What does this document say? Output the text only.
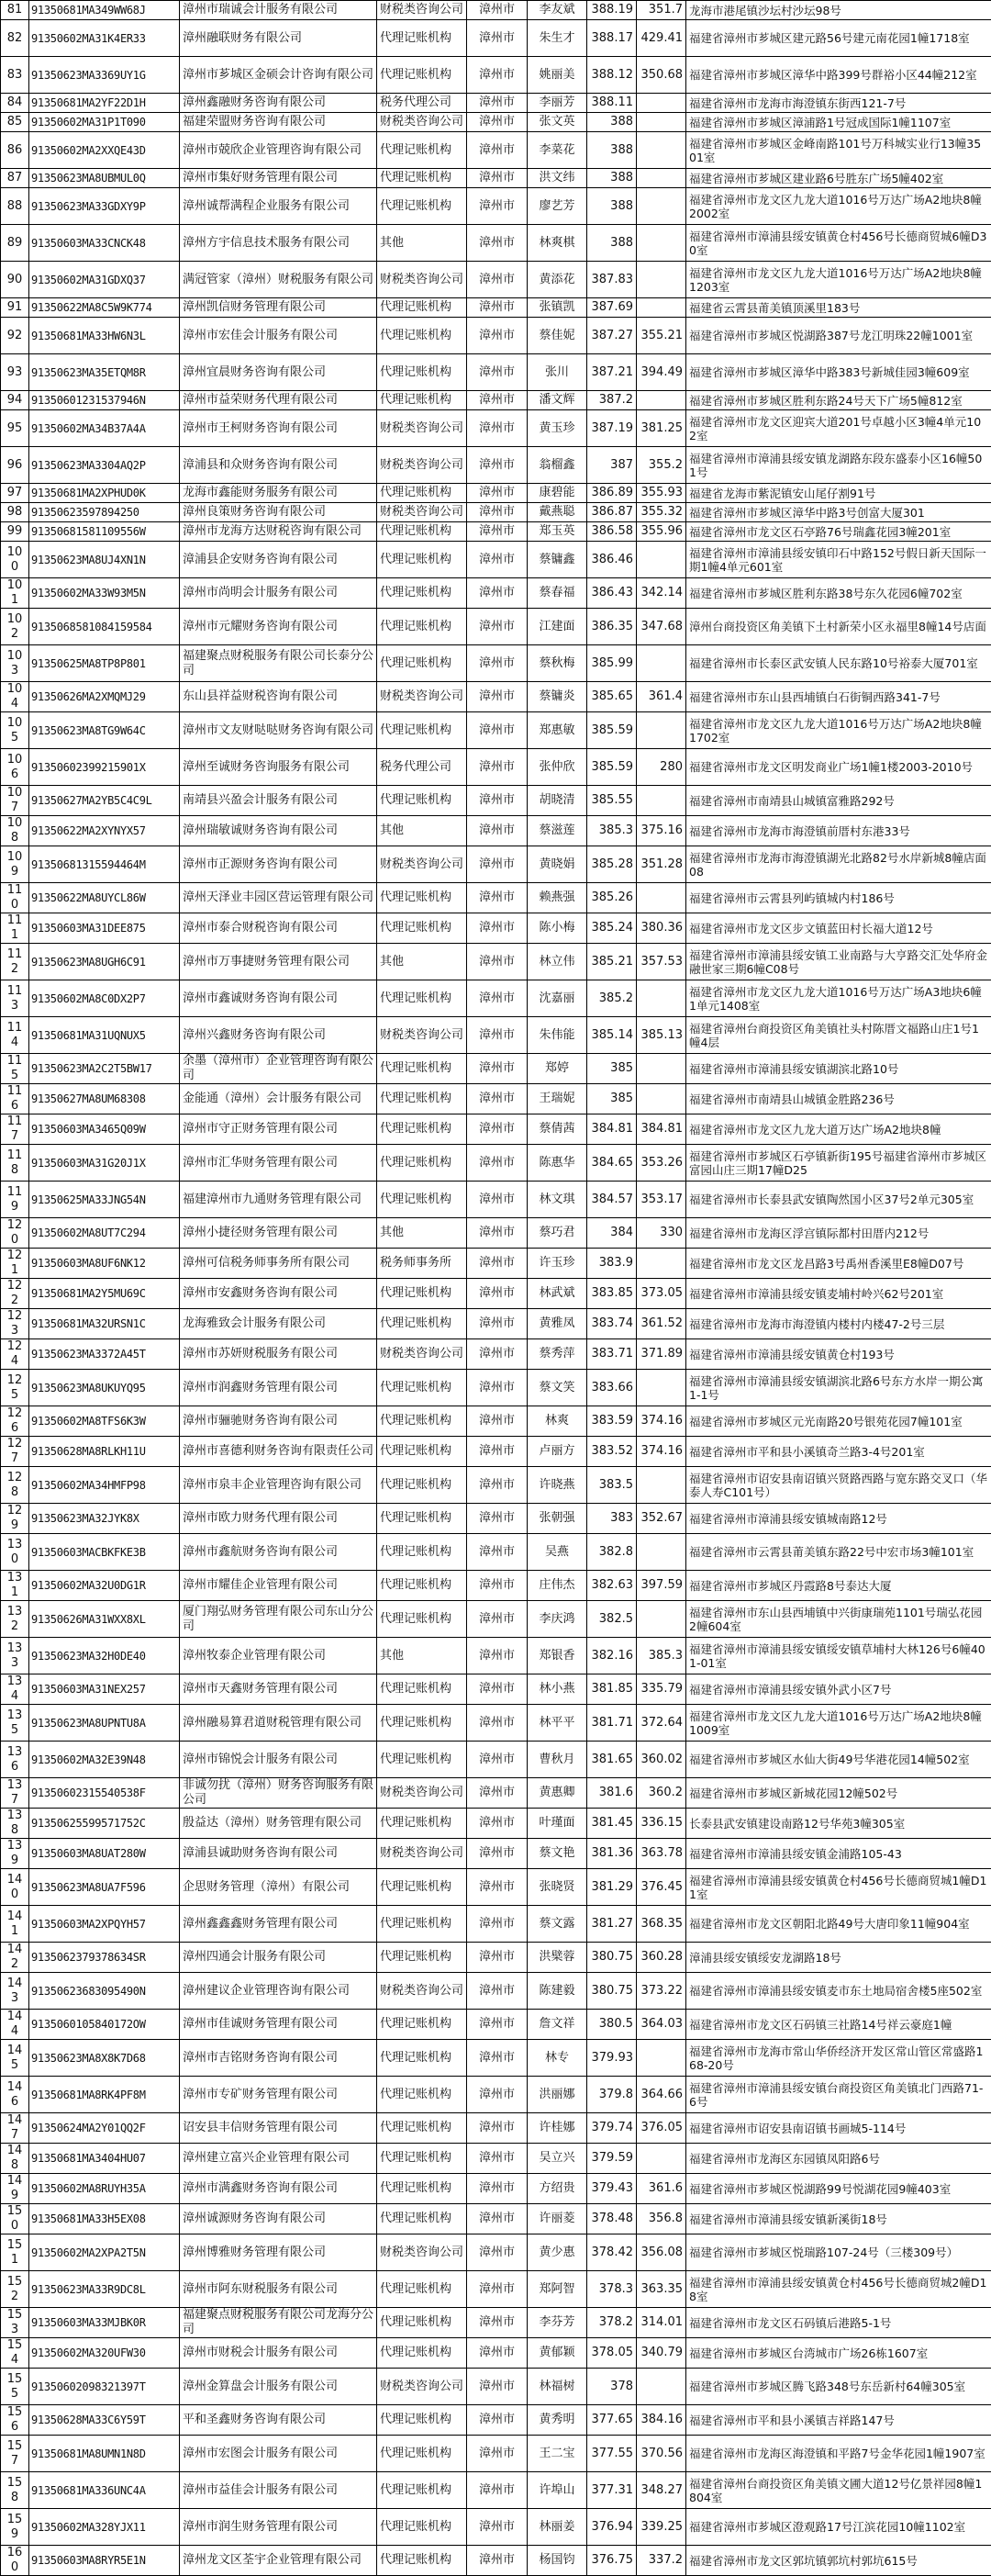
81	91350681MA349WW68J	漳州市瑞诚会计服务有限公司	财税类咨询公司	漳州市	李友斌	388.19	351.7	龙海市港尾镇沙坛村沙坛98号
82	91350602MA31K4ER33	漳州融联财务有限公司	代理记账机构	漳州市	朱生才	388.17	429.41	福建省漳州市芗城区建元路56号建元南花园1幢1718室
83	91350623MA3369UY1G	漳州市芗城区金硕会计咨询有限公司	代理记账机构	漳州市	姚丽美	388.12	350.68	福建省漳州市芗城区漳华中路399号群裕小区44幢212室
84	91350681MA2YF22D1H	漳州鑫融财务咨询有限公司	税务代理公司	漳州市	李丽芳	388.11		福建省漳州市龙海市海澄镇东街西121-7号
85	91350602MA31P1T090	福建荣盟财务咨询有限公司	财税类咨询公司	漳州市	张文英	388		福建省漳州市芗城区漳浦路1号冠成国际1幢1107室
86	91350602MA2XXQE43D	漳州市兢欣企业管理咨询有限公司	代理记账机构	漳州市	李菜花	388		福建省漳州市芗城区金峰南路101号万科城实业行13幢3501室
87	91350623MA8UBMUL0Q	漳州市集好财务管理有限公司	代理记账机构	漳州市	洪文纬	388		福建省漳州市芗城区建业路6号胜东广场5幢402室
88	91350623MA33GDXY9P	漳州诚帮满程企业服务有限公司	代理记账机构	漳州市	廖艺芳	388		福建省漳州市龙文区九龙大道1016号万达广场A2地块8幢2002室
89	91350603MA33CNCK48	漳州方宇信息技术服务有限公司	其他	漳州市	林爽棋	388		福建省漳州市漳浦县绥安镇黄仓村456号长德商贸城6幢D30室
90	91350602MA31GDXQ37	满冠管家（漳州）财税服务有限公司	财税类咨询公司	漳州市	黄添花	387.83		福建省漳州市龙文区九龙大道1016号万达广场A2地块8幢1203室
91	91350622MA8C5W9K774	漳州凯信财务管理有限公司	代理记账机构	漳州市	张镇凯	387.69		福建省云霄县莆美镇顶溪里183号
92	91350681MA33HW6N3L	漳州市宏佳会计服务有限公司	代理记账机构	漳州市	蔡佳妮	387.27	355.21	福建省漳州市芗城区悦湖路387号龙江明珠22幢1001室
93	91350623MA35ETQM8R	漳州宜晨财务咨询有限公司	代理记账机构	漳州市	张川	387.21	394.49	福建省漳州市芗城区漳华中路383号新城佳园3幢609室
94	91350601231537946N	漳州市益荣财务代理有限公司	代理记账机构	漳州市	潘文辉	387.2		福建省漳州市芗城区胜利东路24号天下广场5幢812室
95	91350602MA34B37A4A	漳州市王柯财务咨询有限公司	财税类咨询公司	漳州市	黄玉珍	387.19	381.25	福建省漳州市龙文区迎宾大道201号卓越小区3幢4单元102室
96	91350623MA3304AQ2P	漳浦县和众财务咨询有限公司	财税类咨询公司	漳州市	翁榴鑫	387	355.2	福建省漳州市漳浦县绥安镇龙湖路东段东盛泰小区16幢501号
97	91350681MA2XPHUD0K	龙海市鑫能财务服务有限公司	代理记账机构	漳州市	康碧能	386.89	355.93	福建省龙海市紫泥镇安山尾仔割91号
98	91350623597894250	漳州良策财务咨询有限公司	财税类咨询公司	漳州市	戴燕聪	386.87	355.32	福建省漳州市芗城区漳华中路3号创富大厦301
99	91350681581109556W	漳州市龙海方达财税咨询有限公司	代理记账机构	漳州市	郑玉英	386.58	355.96	福建省漳州市龙文区石亭路76号瑞鑫花园3幢201室
100	91350623MA8UJ4XN1N	漳浦县企安财务咨询有限公司	代理记账机构	漳州市	蔡镛鑫	386.46		福建省漳州市漳浦县绥安镇印石中路152号假日新天国际一期1幢4单元601室
101	91350602MA33W93M5N	漳州市尚明会计服务有限公司	代理记账机构	漳州市	蔡春福	386.43	342.14	福建省漳州市芗城区胜利东路38号东久花园6幢702室
102	9135068581084159584	漳州市元耀财务咨询有限公司	代理记账机构	漳州市	江建面	386.35	347.68	漳州台商投资区角美镇下土村新荣小区永福里8幢14号店面
103	91350625MA8TP8P801	福建聚点财税服务有限公司长泰分公司	代理记账机构	漳州市	蔡秋梅	385.99		福建省漳州市长泰区武安镇人民东路10号裕泰大厦701室
104	91350626MA2XMQMJ29	东山县祥益财税咨询有限公司	财税类咨询公司	漳州市	蔡镛炎	385.65	361.4	福建省漳州市东山县西埔镇白石街铜西路341-7号
105	91350623MA8TG9W64C	漳州市文友财哒哒财务咨询有限公司	代理记账机构	漳州市	郑惠敏	385.59		福建省漳州市龙文区九龙大道1016号万达广场A2地块8幢1702室
106	91350602399215901X	漳州至诚财务咨询服务有限公司	税务代理公司	漳州市	张仲欣	385.59	280	福建省漳州市龙文区明发商业广场1幢1楼2003-2010号
107	91350627MA2YB5C4C9L	南靖县兴盈会计服务有限公司	代理记账机构	漳州市	胡晓清	385.55		福建省漳州市南靖县山城镇富雅路292号
108	91350622MA2XYNYX57	漳州瑞敏诚财务咨询有限公司	其他	漳州市	蔡滋莲	385.3	375.16	福建省漳州市龙海市海澄镇前厝村东港33号
109	91350681315594464M	漳州市正源财务咨询有限公司	财税类咨询公司	漳州市	黄晓娟	385.28	351.28	福建省漳州市龙海市海澄镇湖光北路82号水岸新城8幢店面08
110	91350622MA8UYCL86W	漳州天泽业丰园区营运管理有限公司	代理记账机构	漳州市	赖燕强	385.26		福建省漳州市云霄县列屿镇城内村186号
111	91350603MA31DEE875	漳州市泰合财税咨询有限公司	代理记账机构	漳州市	陈小梅	385.24	380.36	福建省漳州市龙文区步文镇蓝田村长福大道12号
112	91350623MA8UGH6C91	漳州市万事捷财务管理有限公司	其他	漳州市	林立伟	385.21	357.53	福建省漳州市漳浦县绥安镇工业南路与大亨路交汇处华府金融世家三期6幢C08号
113	91350602MA8C0DX2P7	漳州市鑫诚财务咨询有限公司	代理记账机构	漳州市	沈嘉丽	385.2		福建省漳州市龙文区九龙大道1016号万达广场A3地块6幢1单元1408室
114	91350681MA31UQNUX5	漳州兴鑫财务咨询有限公司	财税类咨询公司	漳州市	朱伟能	385.14	385.13	福建省漳州台商投资区角美镇社头村陈厝文福路山庄1号1幢4层
115	91350623MA2C2T5BW17	余墨（漳州市）企业管理咨询有限公司	代理记账机构	漳州市	郑婷	385		福建省漳州市漳浦县绥安镇湖滨北路10号
116	91350627MA8UM68308	金能通（漳州）会计服务有限公司	代理记账机构	漳州市	王瑞妮	385		福建省漳州市南靖县山城镇金胜路236号
117	91350603MA3465Q09W	漳州市守正财务管理有限公司	代理记账机构	漳州市	蔡倩茜	384.81	384.81	福建省漳州市龙文区九龙大道万达广场A2地块8幢
118	91350603MA31G20J1X	漳州市汇华财务管理有限公司	代理记账机构	漳州市	陈惠华	384.65	353.26	福建省漳州市芗城区石亭镇新街195号福建省漳州市芗城区富园山庄三期17幢D25
119	91350625MA33JNG54N	福建漳州市九通财务管理有限公司	代理记账机构	漳州市	林文琪	384.57	353.17	福建省漳州市长泰县武安镇陶然国小区37号2单元305室
120	91350602MA8UT7C294	漳州小捷径财务管理有限公司	其他	漳州市	蔡巧君	384	330	福建省漳州市龙海区浮宫镇际都村田厝内212号
121	91350603MA8UF6NK12	漳州可信税务师事务所有限公司	税务师事务所	漳州市	许玉珍	383.9		福建省漳州市龙文区龙昌路3号禹州香溪里E8幢D07号
122	91350681MA2Y5MU69C	漳州市安鑫财务咨询有限公司	代理记账机构	漳州市	林武斌	383.85	373.05	福建省漳州市漳浦县绥安镇麦埔村岭兴62号201室
123	91350681MA32URSN1C	龙海雅致会计服务有限公司	代理记账机构	漳州市	黄雅凤	383.74	361.52	福建省漳州市龙海市海澄镇内楼村内楼47-2号三层
124	91350623MA3372A45T	漳州市苏妍财税服务有限公司	财税类咨询公司	漳州市	蔡秀萍	383.71	371.89	福建省漳州市漳浦县绥安镇黄仓村193号
125	91350623MA8UKUYQ95	漳州市润鑫财务管理有限公司	代理记账机构	漳州市	蔡文笑	383.66		福建省漳州市漳浦县绥安镇湖滨北路6号东方水岸一期公寓1-1号
126	91350602MA8TFS6K3W	漳州市骊驰财务咨询有限公司	代理记账机构	漳州市	林爽	383.59	374.16	福建省漳州市芗城区元光南路20号银苑花园7幢101室
127	91350628MA8RLKH11U	漳州市喜德利财务咨询有限责任公司	代理记账机构	漳州市	卢丽方	383.52	374.16	福建省漳州市平和县小溪镇奇兰路3-4号201室
128	91350602MA34HMFP98	漳州市泉丰企业管理咨询有限公司	代理记账机构	漳州市	许晓燕	383.5		福建省漳州市诏安县南诏镇兴贤路西路与宽东路交叉口（华泰人寿C101号）
129	91350623MA32JYK8X	漳州市欧力财务代理有限公司	代理记账机构	漳州市	张朝强	383	352.67	福建省漳州市漳浦县绥安镇城南路12号
130	91350603MACBKFKE3B	漳州市鑫航财务咨询有限公司	代理记账机构	漳州市	吴燕	382.8		福建省漳州市云霄县莆美镇东路22号中宏市场3幢101室
131	91350602MA32U0DG1R	漳州市耀佳企业管理有限公司	代理记账机构	漳州市	庄伟杰	382.63	397.59	福建省漳州市芗城区丹霞路8号泰达大厦
132	91350626MA31WXX8XL	厦门翔弘财务管理有限公司东山分公司	代理记账机构	漳州市	李庆鸿	382.5		福建省漳州市东山县西埔镇中兴街康瑞苑1101号瑞弘花园2幢604室
133	91350623MA32H0DE40	漳州牧泰企业管理有限公司	其他	漳州市	郑银香	382.16	385.3	福建省漳州市漳浦县绥安镇绥安镇草埔村大林126号6幢401-01室
134	91350603MA31NEX257	漳州市天鑫财务管理有限公司	代理记账机构	漳州市	林小燕	381.85	335.79	福建省漳州市漳浦县绥安镇外武小区7号
135	91350623MA8UPNTU8A	漳州融易算君道财税管理有限公司	代理记账机构	漳州市	林平平	381.71	372.64	福建省漳州市龙文区九龙大道1016号万达广场A2地块8幢1009室
136	91350602MA32E39N48	漳州市锦悦会计服务有限公司	代理记账机构	漳州市	曹秋月	381.65	360.02	福建省漳州市芗城区水仙大街49号华港花园14幢502室
137	91350602315540538F	非诚勿扰（漳州）财务咨询服务有限公司	财税类咨询公司	漳州市	黄惠卿	381.6	360.2	福建省漳州市芗城区新城花园12幢502号
138	91350625599571752C	殷益达（漳州）财务管理有限公司	代理记账机构	漳州市	叶瑾面	381.45	336.15	长泰县武安镇建设南路12号华苑3幢305室
139	91350603MA8UAT280W	漳浦县诚助财务咨询有限公司	财税类咨询公司	漳州市	蔡文艳	381.36	363.78	福建省漳州市漳浦县绥安镇金浦路105-43
140	91350623MA8UA7F596	企思财务管理（漳州）有限公司	代理记账机构	漳州市	张晓贤	381.29	376.45	福建省漳州市漳浦县绥安镇黄仓村456号长德商贸城1幢D11室
141	91350603MA2XPQYH57	漳州鑫鑫鑫财务管理有限公司	代理记账机构	漳州市	蔡文露	381.27	368.35	福建省漳州市龙文区朝阳北路49号大唐印象11幢904室
142	9135062379378634SR	漳州四通会计服务有限公司	代理记账机构	漳州市	洪檗蓉	380.75	360.28	漳浦县绥安镇绥安龙湖路18号
143	91350623683095490N	漳州建议企业管理咨询有限公司	财税类咨询公司	漳州市	陈建毅	380.75	373.22	福建省漳州市漳浦县绥安镇麦市东土地局宿舍楼5座502室
144	9135060105840172OW	漳州市佳诚财务管理有限公司	代理记账机构	漳州市	詹文祥	380.5	364.03	福建省漳州市龙文区石码镇三社路14号祥云豪庭1幢
145	91350623MA8X8K7D68	漳州市吉铭财务咨询有限公司	代理记账机构	漳州市	林专	379.93		福建省漳州市龙海市常山华侨经济开发区常山管区常盛路168-20号
146	91350681MA8RK4PF8M	漳州市专矿财务管理有限公司	代理记账机构	漳州市	洪丽娜	379.8	364.66	福建省漳州市漳浦县绥安镇台商投资区角美镇北门西路71-6号
147	91350624MA2Y01QQ2F	诏安县丰信财务管理有限公司	代理记账机构	漳州市	许桂娜	379.74	376.05	福建省漳州市诏安县南诏镇书画城5-114号
148	91350681MA3404HU07	漳州建立富兴企业管理有限公司	代理记账机构	漳州市	吴立兴	379.59		福建省漳州市龙海区东园镇凤阳路6号
149	91350602MA8RUYH35A	漳州市满鑫财务咨询有限公司	代理记账机构	漳州市	方绍贵	379.43	361.6	福建省漳州市芗城区悦湖路99号悦湖花园9幢403室
150	91350681MA33H5EX08	漳州诚源财务咨询有限公司	代理记账机构	漳州市	许丽菱	378.48	356.8	福建省漳州市漳浦县绥安镇新溪街18号
151	91350602MA2XPA2T5N	漳州博雅财务管理有限公司	财税类咨询公司	漳州市	黄少惠	378.42	356.08	福建省漳州市芗城区悦瑞路107-24号（三楼309号）
152	91350623MA33R9DC8L	漳州市阿东财税服务有限公司	代理记账机构	漳州市	郑阿智	378.3	363.35	福建省漳州市漳浦县绥安镇黄仓村456号长德商贸城2幢D18室
153	91350603MA33MJBK0R	福建聚点财税服务有限公司龙海分公司	代理记账机构	漳州市	李芬芳	378.2	314.01	福建省漳州市龙文区石码镇后港路5-1号
154	91350602MA320UFW30	漳州市财税会计服务有限公司	代理记账机构	漳州市	黄郁颖	378.05	340.79	福建省漳州市芗城区台湾城市广场26栋1607室
155	91350602098321397T	漳州金算盘会计服务有限公司	财税类咨询公司	漳州市	林福树	378		福建省漳州市芗城区腾飞路348号东岳新村64幢305室
156	91350628MA33C6Y59T	平和圣鑫财务咨询有限公司	代理记账机构	漳州市	黄秀明	377.65	384.16	福建省漳州市平和县小溪镇吉祥路147号
157	91350681MA8UMN1N8D	漳州市宏图会计服务有限公司	代理记账机构	漳州市	王二宝	377.55	370.56	福建省漳州市龙海区海澄镇和平路7号金华花园1幢1907室
158	91350681MA336UNC4A	漳州市益佳会计服务有限公司	代理记账机构	漳州市	许埠山	377.31	348.27	福建省漳州台商投资区角美镇文圃大道12号亿景祥园8幢1804室
159	91350602MA328YJX11	漳州市润生财务管理有限公司	代理记账机构	漳州市	林丽姜	376.94	339.25	福建省漳州市芗城区澄观路17号江滨花园10幢1102室
160	91350603MA8RYR5E1N	漳州龙文区荃宇企业管理有限公司	代理记账机构	漳州市	杨国钧	376.75	337.2	福建省漳州市龙文区郭坑镇郭坑村郭坑615号
